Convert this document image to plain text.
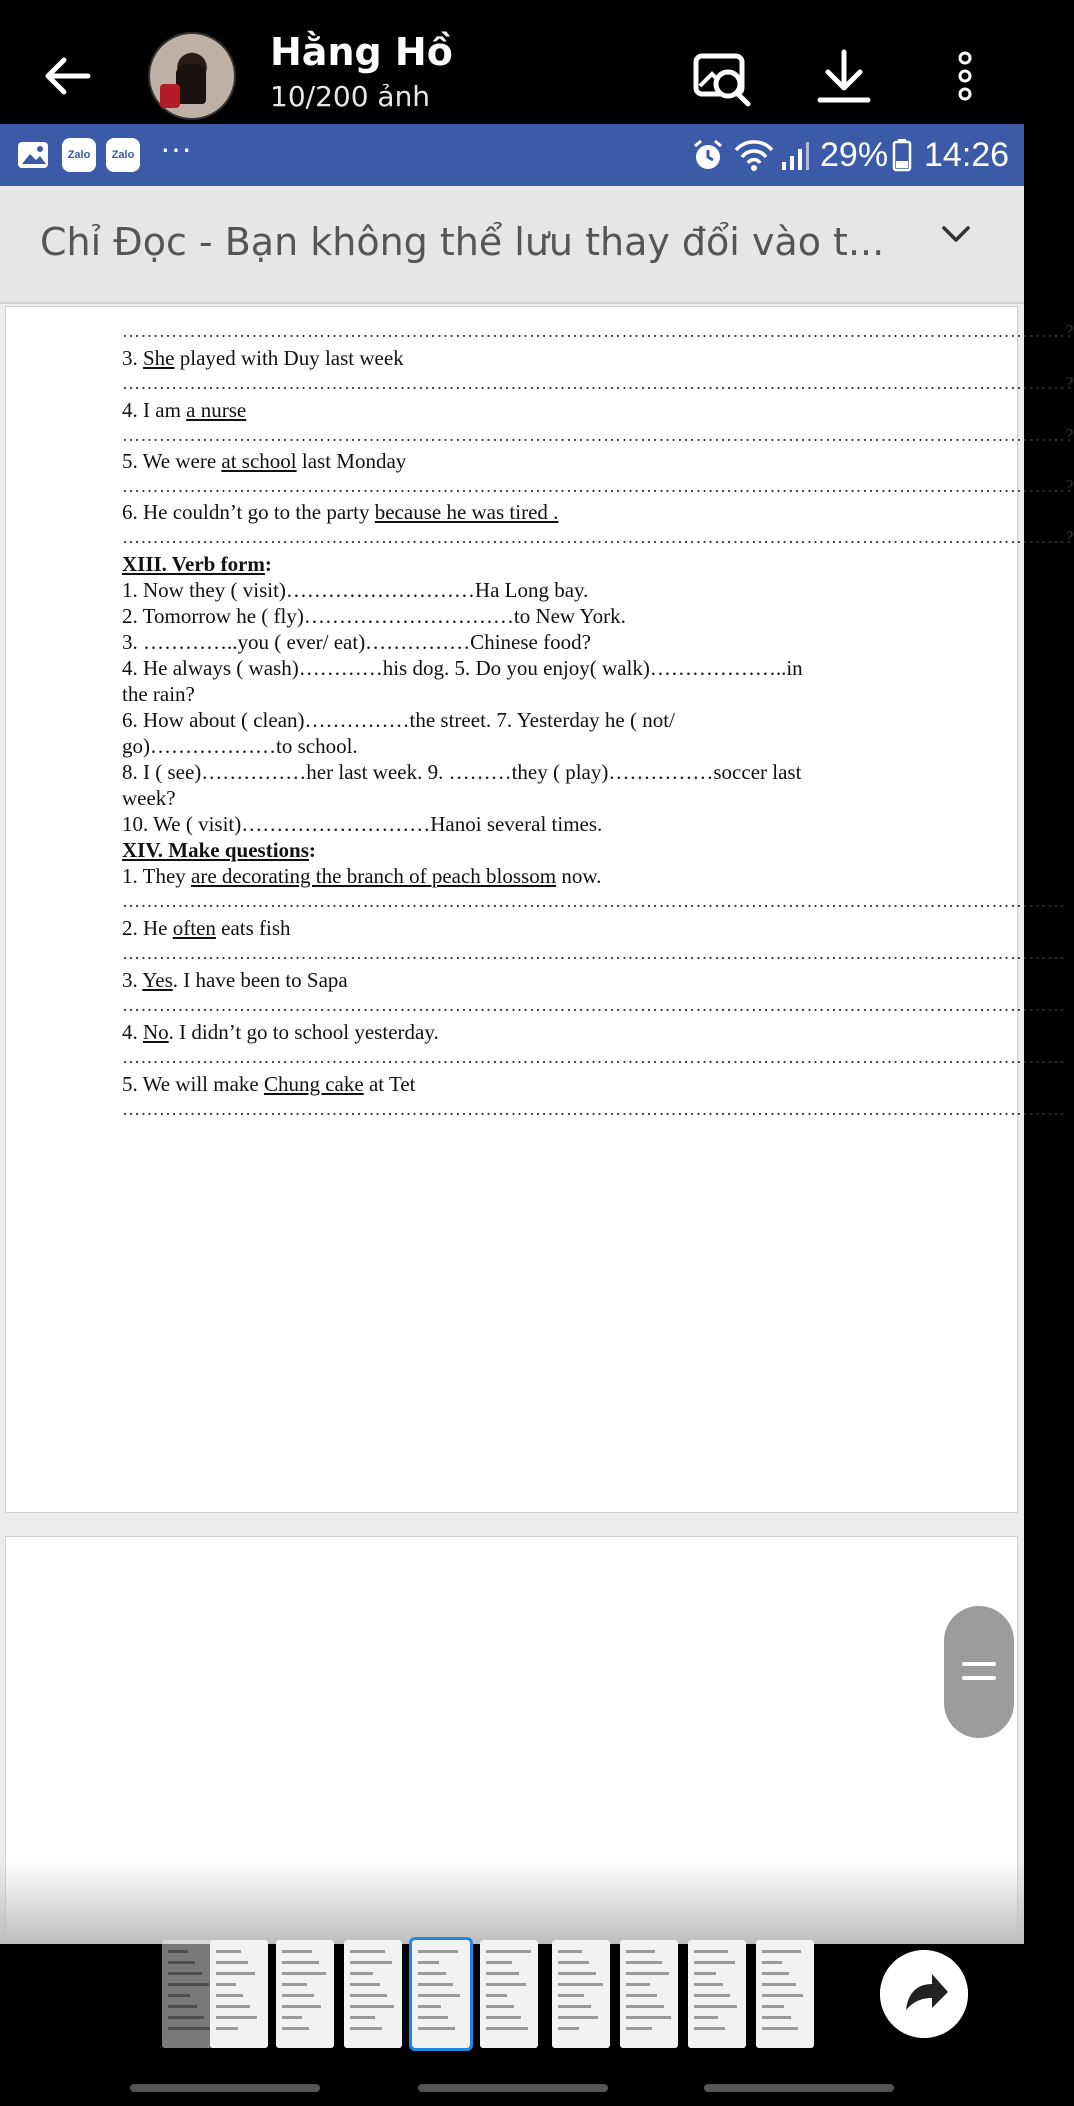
Hằng Hồ
10/200 ảnh
Zalo	Zalo ···	29% 14:26
Chỉ Đọc - Bạn không thể lưu thay đổi vào t...
……………………………………………………………………………………………………………………………………… ?
3. She played with Duy last week
……………………………………………………………………………………………………………………………………… ?
4. I am a nurse
……………………………………………………………………………………………………………………………………… ?
5. We were at school last Monday
……………………………………………………………………………………………………………………………………… ?
6. He couldn’t go to the party because he was tired .
……………………………………………………………………………………………………………………………………… ?
XIII. Verb form:
1. Now they ( visit)………………………Ha Long bay.
2. Tomorrow he ( fly)…………………………to New York.
3. …………..you ( ever/ eat)……………Chinese food?
4. He always ( wash)…………his dog. 5. Do you enjoy( walk)………………..in
the rain?
6. How about ( clean)……………the street. 7. Yesterday he ( not/
go)………………to school.
8. I ( see)……………her last week. 9. ………they ( play)……………soccer last
week?
10. We ( visit)………………………Hanoi several times.
XIV. Make questions:
1. They are decorating the branch of peach blossom now.
………………………………………………………………………………………………………………………………………
2. He often eats fish
………………………………………………………………………………………………………………………………………
3. Yes. I have been to Sapa
………………………………………………………………………………………………………………………………………
4. No. I didn’t go to school yesterday.
………………………………………………………………………………………………………………………………………
5. We will make Chung cake at Tet
………………………………………………………………………………………………………………………………………
